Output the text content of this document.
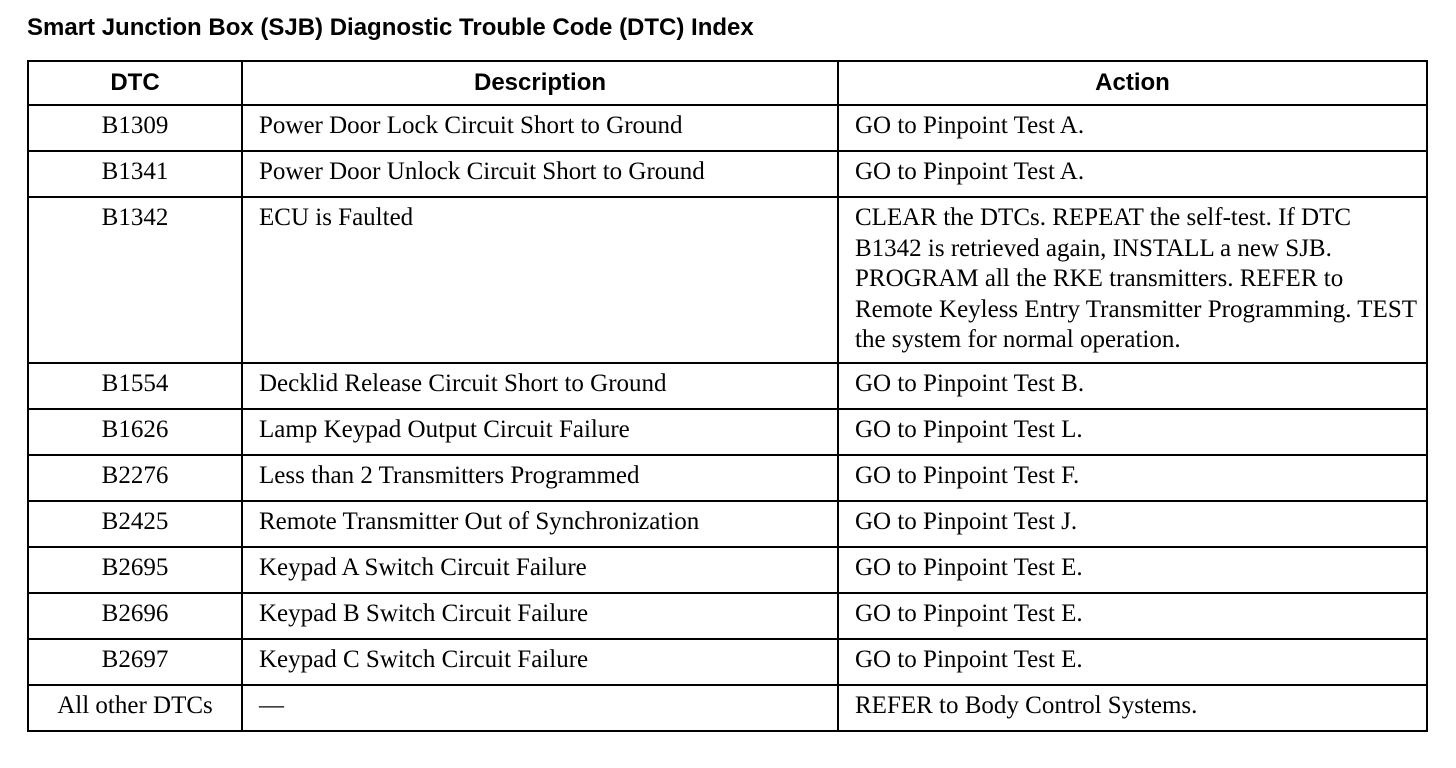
Smart Junction Box (SJB) Diagnostic Trouble Code (DTC) Index
DTC	Description	Action
B1309	Power Door Lock Circuit Short to Ground	GO to Pinpoint Test A.
B1341	Power Door Unlock Circuit Short to Ground	GO to Pinpoint Test A.
B1342	ECU is Faulted	CLEAR the DTCs. REPEAT the self-test. If DTC B1342 is retrieved again, INSTALL a new SJB. PROGRAM all the RKE transmitters. REFER to Remote Keyless Entry Transmitter Programming. TEST the system for normal operation.
B1554	Decklid Release Circuit Short to Ground	GO to Pinpoint Test B.
B1626	Lamp Keypad Output Circuit Failure	GO to Pinpoint Test L.
B2276	Less than 2 Transmitters Programmed	GO to Pinpoint Test F.
B2425	Remote Transmitter Out of Synchronization	GO to Pinpoint Test J.
B2695	Keypad A Switch Circuit Failure	GO to Pinpoint Test E.
B2696	Keypad B Switch Circuit Failure	GO to Pinpoint Test E.
B2697	Keypad C Switch Circuit Failure	GO to Pinpoint Test E.
All other DTCs	—	REFER to Body Control Systems.
